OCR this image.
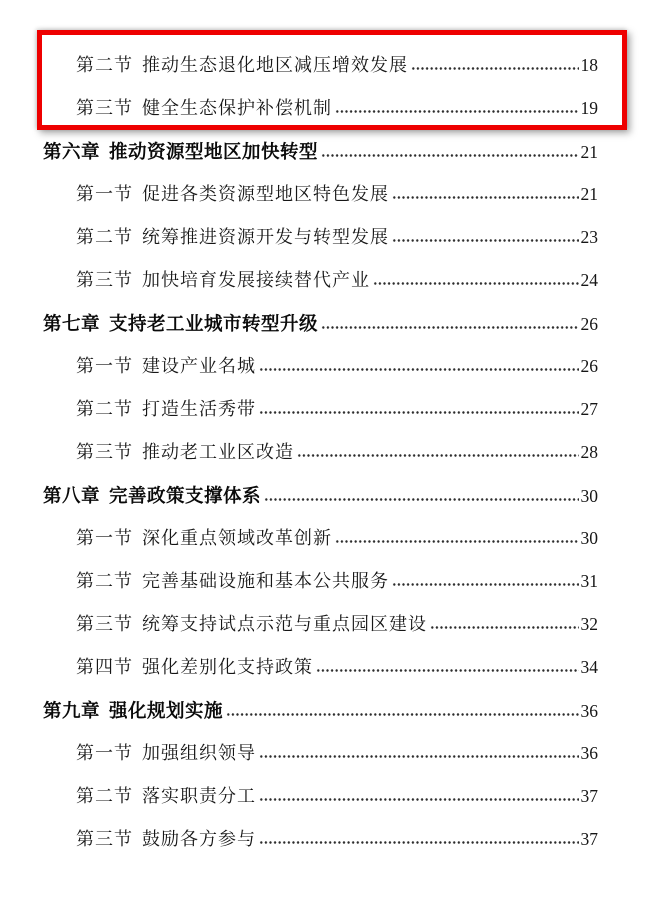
第二节 推动生态退化地区减压增效发展	18
第三节 健全生态保护补偿机制	19
第六章 推动资源型地区加快转型	21
第一节 促进各类资源型地区特色发展	21
第二节 统筹推进资源开发与转型发展	23
第三节 加快培育发展接续替代产业	24
第七章 支持老工业城市转型升级	26
第一节 建设产业名城	26
第二节 打造生活秀带	27
第三节 推动老工业区改造	28
第八章 完善政策支撑体系	30
第一节 深化重点领域改革创新	30
第二节 完善基础设施和基本公共服务	31
第三节 统筹支持试点示范与重点园区建设	32
第四节 强化差别化支持政策	34
第九章 强化规划实施	36
第一节 加强组织领导	36
第二节 落实职责分工	37
第三节 鼓励各方参与	37
